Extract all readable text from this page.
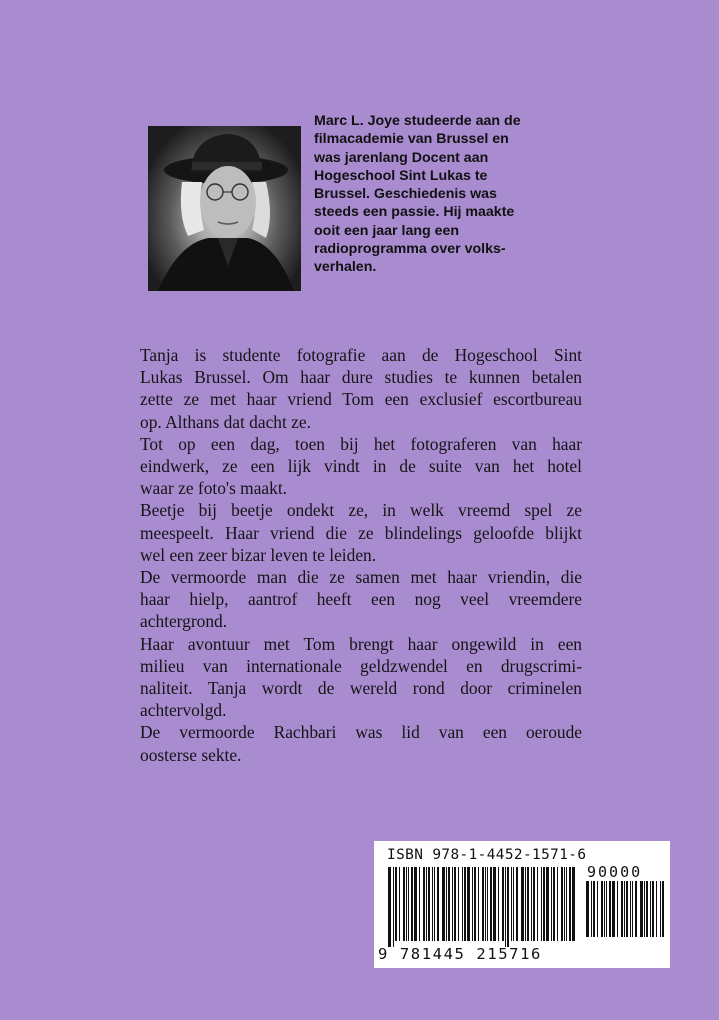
Marc L. Joye studeerde aan de
filmacademie van Brussel en
was jarenlang Docent aan
Hogeschool Sint Lukas te
Brussel. Geschiedenis was
steeds een passie. Hij maakte
ooit een jaar lang een
radioprogramma over volks-
verhalen.
Tanja is studente fotografie aan de Hogeschool Sint
Lukas Brussel. Om haar dure studies te kunnen betalen
zette ze met haar vriend Tom een exclusief escortbureau
op. Althans dat dacht ze.
Tot op een dag, toen bij het fotograferen van haar
eindwerk, ze een lijk vindt in de suite van het hotel
waar ze foto's maakt.
Beetje bij beetje ondekt ze, in welk vreemd spel ze
meespeelt. Haar vriend die ze blindelings geloofde blijkt
wel een zeer bizar leven te leiden.
De vermoorde man die ze samen met haar vriendin, die
haar hielp, aantrof heeft een nog veel vreemdere
achtergrond.
Haar avontuur met Tom brengt haar ongewild in een
milieu van internationale geldzwendel en drugscrimi-
naliteit. Tanja wordt de wereld rond door criminelen
achtervolgd.
De vermoorde Rachbari was lid van een oeroude
oosterse sekte.
ISBN 978-1-4452-1571-6
90000
9 781445 215716
